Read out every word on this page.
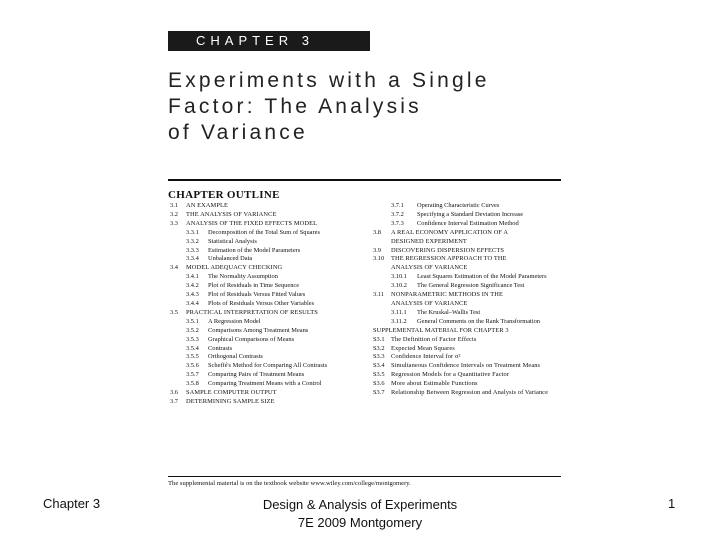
CHAPTER 3
Experiments with a Single
Factor: The Analysis
of Variance
CHAPTER OUTLINE
3.1	AN EXAMPLE
3.2	THE ANALYSIS OF VARIANCE
3.3	ANALYSIS OF THE FIXED EFFECTS MODEL
3.3.1	Decomposition of the Total Sum of Squares
3.3.2	Statistical Analysis
3.3.3	Estimation of the Model Parameters
3.3.4	Unbalanced Data
3.4	MODEL ADEQUACY CHECKING
3.4.1	The Normality Assumption
3.4.2	Plot of Residuals in Time Sequence
3.4.3	Plot of Residuals Versus Fitted Values
3.4.4	Plots of Residuals Versus Other Variables
3.5	PRACTICAL INTERPRETATION OF RESULTS
3.5.1	A Regression Model
3.5.2	Comparisons Among Treatment Means
3.5.3	Graphical Comparisons of Means
3.5.4	Contrasts
3.5.5	Orthogonal Contrasts
3.5.6	Scheffé's Method for Comparing All Contrasts
3.5.7	Comparing Pairs of Treatment Means
3.5.8	Comparing Treatment Means with a Control
3.6	SAMPLE COMPUTER OUTPUT
3.7	DETERMINING SAMPLE SIZE
3.7.1	Operating Characteristic Curves
3.7.2	Specifying a Standard Deviation Increase
3.7.3	Confidence Interval Estimation Method
3.8	A REAL ECONOMY APPLICATION OF A DESIGNED EXPERIMENT
3.9	DISCOVERING DISPERSION EFFECTS
3.10	THE REGRESSION APPROACH TO THE ANALYSIS OF VARIANCE
3.10.1	Least Squares Estimation of the Model Parameters
3.10.2	The General Regression Significance Test
3.11	NONPARAMETRIC METHODS IN THE ANALYSIS OF VARIANCE
3.11.1	The Kruskal–Wallis Test
3.11.2	General Comments on the Rank Transformation
SUPPLEMENTAL MATERIAL FOR CHAPTER 3
S3.1	The Definition of Factor Effects
S3.2	Expected Mean Squares
S3.3	Confidence Interval for σ²
S3.4	Simultaneous Confidence Intervals on Treatment Means
S3.5	Regression Models for a Quantitative Factor
S3.6	More about Estimable Functions
S3.7	Relationship Between Regression and Analysis of Variance
The supplemental material is on the textbook website www.wiley.com/college/montgomery.
Chapter 3	Design & Analysis of Experiments
7E 2009 Montgomery
1
